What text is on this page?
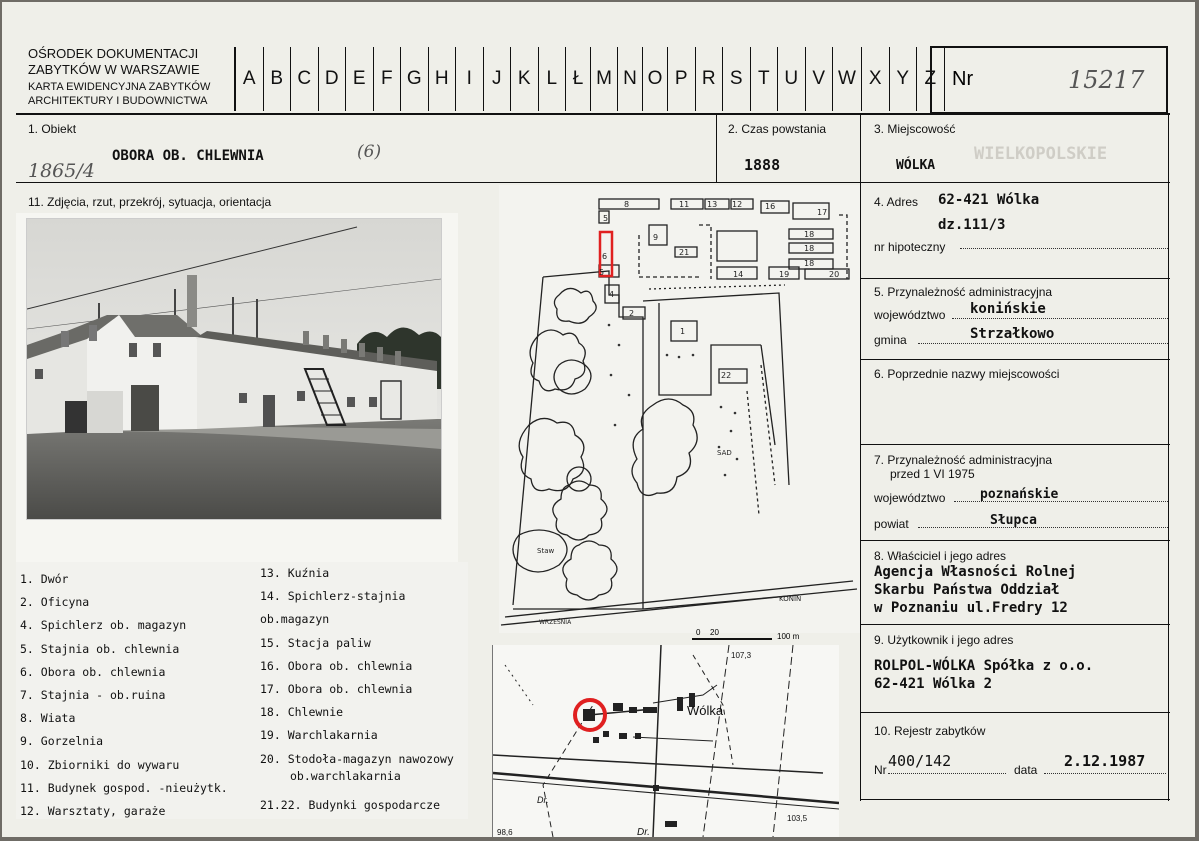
OŚRODEK DOKUMENTACJI
ZABYTKÓW W WARSZAWIE
KARTA EWIDENCYJNA ZABYTKÓW
ARCHITEKTURY I BUDOWNICTWA
A B C D E F G H I	J K L Ł M N O P R S T U V W X Y Z Nr	15217
1. Obiekt
OBORA OB. CHLEWNIA	(6)
1865/4
2. Czas powstania
1888
3. Miejscowość
WÓLKA
WIELKOPOLSKIE
4. Adres 62-421 Wólka
dz.111/3
nr hipoteczny
5. Przynależność administracyjna
województwo konińskie
gmina	Strzałkowo
6. Poprzednie nazwy miejscowości
7. Przynależność administracyjna
przed 1 VI 1975
województwo	poznańskie
powiat	Słupca
8. Właściciel i jego adres
Agencja Własności Rolnej
Skarbu Państwa Oddział
w Poznaniu ul.Fredry 12
9. Użytkownik i jego adres
ROLPOL-WÓLKA Spółka z o.o.
62-421 Wólka 2
10. Rejestr zabytków
Nr 400/142	data 2.12.1987
11. Zdjęcia, rzut, przekrój, sytuacja, orientacja	8
5
6
5
4
2
1
9
21
13 12	16
17
18
18
18
14	19	20
22
11
SAD
Staw
WRZEŚNIA
KONIN
0 20	100 m
Wólka
107,3
103,5
98,6
Dr.
Dr.
1. Dwór
2. Oficyna
4. Spichlerz ob. magazyn
5. Stajnia ob. chlewnia
6. Obora ob. chlewnia
7. Stajnia - ob.ruina
8. Wiata
9. Gorzelnia
10. Zbiorniki do wywaru
11. Budynek gospod. -nieużytk.
12. Warsztaty, garaże
13. Kuźnia
14. Spichlerz-stajnia ob.magazyn
15. Stacja paliw
16. Obora ob. chlewnia
17. Obora ob. chlewnia
18. Chlewnie
19. Warchlakarnia
20. Stodoła-magazyn nawozowy
ob.warchlakarnia
21.22. Budynki gospodarcze
